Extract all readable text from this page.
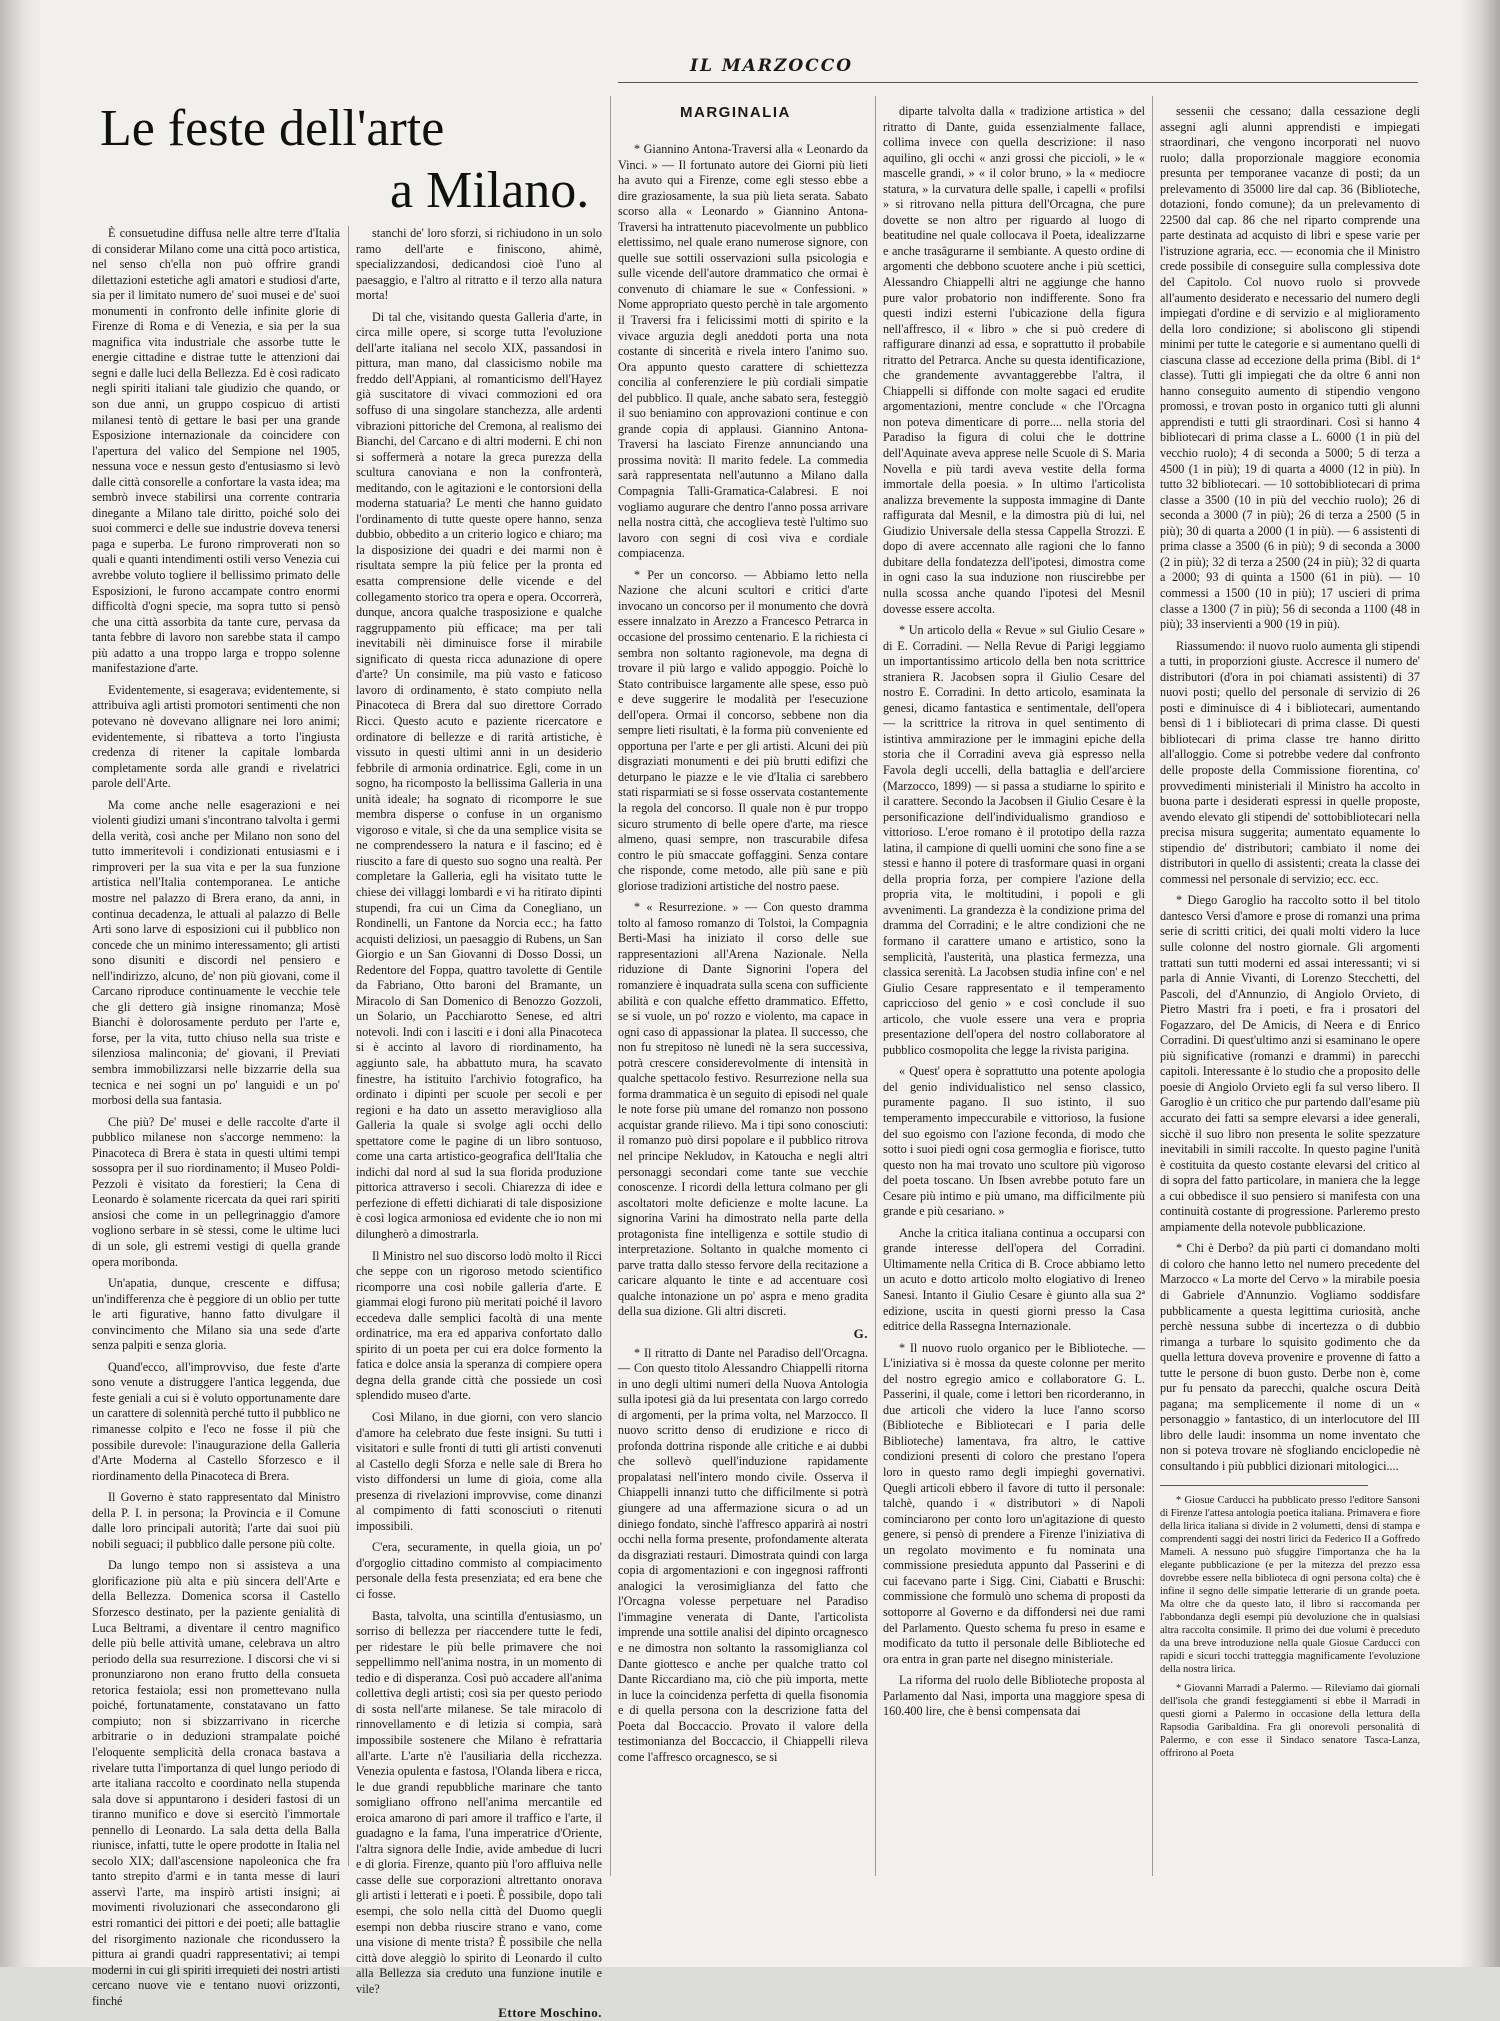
IL MARZOCCO
Le feste dell'arte
a Milano.

È consuetudine diffusa nelle altre terre d'Italia di considerar Milano come una città poco artistica, nel senso ch'ella non può offrire grandi dilettazioni estetiche agli amatori e studiosi d'arte, sia per il limitato numero de' suoi musei e de' suoi monumenti in confronto delle infinite glorie di Firenze di Roma e di Venezia, e sia per la sua magnifica vita industriale che assorbe tutte le energie cittadine e distrae tutte le attenzioni dai segni e dalle luci della Bellezza. Ed è così radicato negli spiriti italiani tale giudizio che quando, or son due anni, un gruppo cospicuo di artisti milanesi tentò di gettare le basi per una grande Esposizione internazionale da coincidere con l'apertura del valico del Sempione nel 1905, nessuna voce e nessun gesto d'entusiasmo si levò dalle città consorelle a confortare la vasta idea; ma sembrò invece stabilirsi una corrente contraria dinegante a Milano tale diritto, poiché solo dei suoi commerci e delle sue industrie doveva tenersi paga e superba. Le furono rimproverati non so quali e quanti intendimenti ostili verso Venezia cui avrebbe voluto togliere il bellissimo primato delle Esposizioni, le furono accampate contro enormi difficoltà d'ogni specie, ma sopra tutto si pensò che una città assorbita da tante cure, pervasa da tanta febbre di lavoro non sarebbe stata il campo più adatto a una troppo larga e troppo solenne manifestazione d'arte.

Evidentemente, si esagerava; evidentemente, si attribuiva agli artisti promotori sentimenti che non potevano nè dovevano allignare nei loro animi; evidentemente, si ribatteva a torto l'ingiusta credenza di ritener la capitale lombarda completamente sorda alle grandi e rivelatrici parole dell'Arte.

Ma come anche nelle esagerazioni e nei violenti giudizi umani s'incontrano talvolta i germi della verità, così anche per Milano non sono del tutto immeritevoli i condizionati entusiasmi e i rimproveri per la sua vita e per la sua funzione artistica nell'Italia contemporanea. Le antiche mostre nel palazzo di Brera erano, da anni, in continua decadenza, le attuali al palazzo di Belle Arti sono larve di esposizioni cui il pubblico non concede che un minimo interessamento; gli artisti sono disuniti e discordi nel pensiero e nell'indirizzo, alcuno, de' non più giovani, come il Carcano riproduce continuamente le vecchie tele che gli dettero già insigne rinomanza; Mosè Bianchi è dolorosamente perduto per l'arte e, forse, per la vita, tutto chiuso nella sua triste e silenziosa malinconia; de' giovani, il Previati sembra immobilizzarsi nelle bizzarrie della sua tecnica e nei sogni un po' languidi e un po' morbosi della sua fantasia.

Che più? De' musei e delle raccolte d'arte il pubblico milanese non s'accorge nemmeno: la Pinacoteca di Brera è stata in questi ultimi tempi sossopra per il suo riordinamento; il Museo Poldi-Pezzoli è visitato da forestieri; la Cena di Leonardo è solamente ricercata da quei rari spiriti ansiosi che come in un pellegrinaggio d'amore vogliono serbare in sè stessi, come le ultime luci di un sole, gli estremi vestigi di quella grande opera moribonda.

Un'apatia, dunque, crescente e diffusa; un'indifferenza che è peggiore di un oblio per tutte le arti figurative, hanno fatto divulgare il convincimento che Milano sia una sede d'arte senza palpiti e senza gloria.

Quand'ecco, all'improvviso, due feste d'arte sono venute a distruggere l'antica leggenda, due feste geniali a cui si è voluto opportunamente dare un carattere di solennità perché tutto il pubblico ne rimanesse colpito e l'eco ne fosse il più che possibile durevole: l'inaugurazione della Galleria d'Arte Moderna al Castello Sforzesco e il riordinamento della Pinacoteca di Brera.

Il Governo è stato rappresentato dal Ministro della P. I. in persona; la Provincia e il Comune dalle loro principali autorità; l'arte dai suoi più nobili seguaci; il pubblico dalle persone più colte.

Da lungo tempo non si assisteva a una glorificazione più alta e più sincera dell'Arte e della Bellezza. Domenica scorsa il Castello Sforzesco destinato, per la paziente genialità di Luca Beltrami, a diventare il centro magnifico delle più belle attività umane, celebrava un altro periodo della sua resurrezione. I discorsi che vi si pronunziarono non erano frutto della consueta retorica festaiola; essi non promettevano nulla poiché, fortunatamente, constatavano un fatto compiuto; non si sbizzarrivano in ricerche arbitrarie o in deduzioni strampalate poiché l'eloquente semplicità della cronaca bastava a rivelare tutta l'importanza di quel lungo periodo di arte italiana raccolto e coordinato nella stupenda sala dove si appuntarono i desideri fastosi di un tiranno munifico e dove si esercitò l'immortale pennello di Leonardo. La sala detta della Balla riunisce, infatti, tutte le opere prodotte in Italia nel secolo XIX; dall'ascensione napoleonica che fra tanto strepito d'armi e in tanta messe di lauri asservì l'arte, ma inspirò artisti insigni; ai movimenti rivoluzionari che assecondarono gli estri romantici dei pittori e dei poeti; alle battaglie del risorgimento nazionale che ricondussero la pittura ai grandi quadri rappresentativi; ai tempi moderni in cui gli spiriti irrequieti dei nostri artisti cercano nuove vie e tentano nuovi orizzonti, finché

stanchi de' loro sforzi, si richiudono in un solo ramo dell'arte e finiscono, ahimè, specializzandosi, dedicandosi cioè l'uno al paesaggio, e l'altro al ritratto e il terzo alla natura morta!

Di tal che, visitando questa Galleria d'arte, in circa mille opere, si scorge tutta l'evoluzione dell'arte italiana nel secolo XIX, passandosi in pittura, man mano, dal classicismo nobile ma freddo dell'Appiani, al romanticismo dell'Hayez già suscitatore di vivaci commozioni ed ora soffuso di una singolare stanchezza, alle ardenti vibrazioni pittoriche del Cremona, al realismo dei Bianchi, del Carcano e di altri moderni. E chi non si soffermerà a notare la greca purezza della scultura canoviana e non la confronterà, meditando, con le agitazioni e le contorsioni della moderna statuaria? Le menti che hanno guidato l'ordinamento di tutte queste opere hanno, senza dubbio, obbedito a un criterio logico e chiaro; ma la disposizione dei quadri e dei marmi non è risultata sempre la più felice per la pronta ed esatta comprensione delle vicende e del collegamento storico tra opera e opera. Occorrerà, dunque, ancora qualche trasposizione e qualche raggruppamento più efficace; ma per tali inevitabili nèi diminuisce forse il mirabile significato di questa ricca adunazione di opere d'arte? Un consimile, ma più vasto e faticoso lavoro di ordinamento, è stato compiuto nella Pinacoteca di Brera dal suo direttore Corrado Ricci. Questo acuto e paziente ricercatore e ordinatore di bellezze e di rarità artistiche, è vissuto in questi ultimi anni in un desiderio febbrile di armonia ordinatrice. Egli, come in un sogno, ha ricomposto la bellissima Galleria in una unità ideale; ha sognato di ricomporre le sue membra disperse o confuse in un organismo vigoroso e vitale, sì che da una semplice visita se ne comprendessero la natura e il fascino; ed è riuscito a fare di questo suo sogno una realtà. Per completare la Galleria, egli ha visitato tutte le chiese dei villaggi lombardi e vi ha ritirato dipinti stupendi, fra cui un Cima da Conegliano, un Rondinelli, un Fantone da Norcia ecc.; ha fatto acquisti deliziosi, un paesaggio di Rubens, un San Giorgio e un San Giovanni di Dosso Dossi, un Redentore del Foppa, quattro tavolette di Gentile da Fabriano, Otto baroni del Bramante, un Miracolo di San Domenico di Benozzo Gozzoli, un Solario, un Pacchiarotto Senese, ed altri notevoli. Indi con i lasciti e i doni alla Pinacoteca si è accinto al lavoro di riordinamento, ha aggiunto sale, ha abbattuto mura, ha scavato finestre, ha istituito l'archivio fotografico, ha ordinato i dipinti per scuole per secoli e per regioni e ha dato un assetto meraviglioso alla Galleria la quale si svolge agli occhi dello spettatore come le pagine di un libro sontuoso, come una carta artistico-geografica dell'Italia che indichi dal nord al sud la sua florida produzione pittorica attraverso i secoli. Chiarezza di idee e perfezione di effetti dichiarati di tale disposizione è così logica armoniosa ed evidente che io non mi dilungherò a dimostrarla.

Il Ministro nel suo discorso lodò molto il Ricci che seppe con un rigoroso metodo scientifico ricomporre una così nobile galleria d'arte. E giammai elogi furono più meritati poiché il lavoro eccedeva dalle semplici facoltà di una mente ordinatrice, ma era ed appariva confortato dallo spirito di un poeta per cui era dolce formento la fatica e dolce ansia la speranza di compiere opera degna della grande città che possiede un così splendido museo d'arte.

Così Milano, in due giorni, con vero slancio d'amore ha celebrato due feste insigni. Su tutti i visitatori e sulle fronti di tutti gli artisti convenuti al Castello degli Sforza e nelle sale di Brera ho visto diffondersi un lume di gioia, come alla presenza di rivelazioni improvvise, come dinanzi al compimento di fatti sconosciuti o ritenuti impossibili.

C'era, securamente, in quella gioia, un po' d'orgoglio cittadino commisto al compiacimento personale della festa presenziata; ed era bene che ci fosse.

Basta, talvolta, una scintilla d'entusiasmo, un sorriso di bellezza per riaccendere tutte le fedi, per ridestare le più belle primavere che noi seppellimmo nell'anima nostra, in un momento di tedio e di disperanza. Così può accadere all'anima collettiva degli artisti; così sia per questo periodo di sosta nell'arte milanese. Se tale miracolo di rinnovellamento e di letizia si compia, sarà impossibile sostenere che Milano è refrattaria all'arte. L'arte n'è l'ausiliaria della ricchezza. Venezia opulenta e fastosa, l'Olanda libera e ricca, le due grandi repubbliche marinare che tanto somigliano offrono nell'anima mercantile ed eroica amarono di pari amore il traffico e l'arte, il guadagno e la fama, l'una imperatrice d'Oriente, l'altra signora delle Indie, avide ambedue di lucri e di gloria. Firenze, quanto più l'oro affluiva nelle casse delle sue corporazioni altrettanto onorava gli artisti i letterati e i poeti. È possibile, dopo tali esempi, che solo nella città del Duomo quegli esempi non debba riuscire strano e vano, come una visione di mente trista? È possibile che nella città dove aleggiò lo spirito di Leonardo il culto alla Bellezza sia creduto una funzione inutile e vile?

Ettore Moschino.
MARGINALIA

* Giannino Antona-Traversi alla « Leonardo da Vinci. » — Il fortunato autore dei Giorni più lieti ha avuto qui a Firenze, come egli stesso ebbe a dire graziosamente, la sua più lieta serata. Sabato scorso alla « Leonardo » Giannino Antona-Traversi ha intrattenuto piacevolmente un pubblico elettissimo, nel quale erano numerose signore, con quelle sue sottili osservazioni sulla psicologia e sulle vicende dell'autore drammatico che ormai è convenuto di chiamare le sue « Confessioni. » Nome appropriato questo perchè in tale argomento il Traversi fra i felicissimi motti di spirito e la vivace arguzia degli aneddoti porta una nota costante di sincerità e rivela intero l'animo suo. Ora appunto questo carattere di schiettezza concilia al conferenziere le più cordiali simpatie del pubblico. Il quale, anche sabato sera, festeggiò il suo beniamino con approvazioni continue e con grande copia di applausi. Giannino Antona-Traversi ha lasciato Firenze annunciando una prossima novità: Il marito fedele. La commedia sarà rappresentata nell'autunno a Milano dalla Compagnia Talli-Gramatica-Calabresi. E noi vogliamo augurare che dentro l'anno possa arrivare nella nostra città, che accoglieva testè l'ultimo suo lavoro con segni di così viva e cordiale compiacenza.

* Per un concorso. — Abbiamo letto nella Nazione che alcuni scultori e critici d'arte invocano un concorso per il monumento che dovrà essere innalzato in Arezzo a Francesco Petrarca in occasione del prossimo centenario. E la richiesta ci sembra non soltanto ragionevole, ma degna di trovare il più largo e valido appoggio. Poichè lo Stato contribuisce largamente alle spese, esso può e deve suggerire le modalità per l'esecuzione dell'opera. Ormai il concorso, sebbene non dia sempre lieti risultati, è la forma più conveniente ed opportuna per l'arte e per gli artisti. Alcuni dei più disgraziati monumenti e dei più brutti edifizi che deturpano le piazze e le vie d'Italia ci sarebbero stati risparmiati se si fosse osservata costantemente la regola del concorso. Il quale non è pur troppo sicuro strumento di belle opere d'arte, ma riesce almeno, quasi sempre, non trascurabile difesa contro le più smaccate goffaggini. Senza contare che risponde, come metodo, alle più sane e più gloriose tradizioni artistiche del nostro paese.

* « Resurrezione. » — Con questo dramma tolto al famoso romanzo di Tolstoi, la Compagnia Berti-Masi ha iniziato il corso delle sue rappresentazioni all'Arena Nazionale. Nella riduzione di Dante Signorini l'opera del romanziere è inquadrata sulla scena con sufficiente abilità e con qualche effetto drammatico. Effetto, se si vuole, un po' rozzo e violento, ma capace in ogni caso di appassionar la platea. Il successo, che non fu strepitoso nè lunedì nè la sera successiva, potrà crescere considerevolmente di intensità in qualche spettacolo festivo. Resurrezione nella sua forma drammatica è un seguito di episodi nel quale le note forse più umane del romanzo non possono acquistar grande rilievo. Ma i tipi sono conosciuti: il romanzo può dirsi popolare e il pubblico ritrova nel principe Nekludov, in Katoucha e negli altri personaggi secondari come tante sue vecchie conoscenze. I ricordi della lettura colmano per gli ascoltatori molte deficienze e molte lacune. La signorina Varini ha dimostrato nella parte della protagonista fine intelligenza e sottile studio di interpretazione. Soltanto in qualche momento ci parve tratta dallo stesso fervore della recitazione a caricare alquanto le tinte e ad accentuare così qualche intonazione un po' aspra e meno gradita della sua dizione. Gli altri discreti.

G.

* Il ritratto di Dante nel Paradiso dell'Orcagna. — Con questo titolo Alessandro Chiappelli ritorna in uno degli ultimi numeri della Nuova Antologia sulla ipotesi già da lui presentata con largo corredo di argomenti, per la prima volta, nel Marzocco. Il nuovo scritto denso di erudizione e ricco di profonda dottrina risponde alle critiche e ai dubbi che sollevò quell'induzione rapidamente propalatasi nell'intero mondo civile. Osserva il Chiappelli innanzi tutto che difficilmente si potrà giungere ad una affermazione sicura o ad un diniego fondato, sinchè l'affresco apparirà ai nostri occhi nella forma presente, profondamente alterata da disgraziati restauri. Dimostrata quindi con larga copia di argomentazioni e con ingegnosi raffronti analogici la verosimiglianza del fatto che l'Orcagna volesse perpetuare nel Paradiso l'immagine venerata di Dante, l'articolista imprende una sottile analisi del dipinto orcagnesco e ne dimostra non soltanto la rassomiglianza col Dante giottesco e anche per qualche tratto col Dante Riccardiano ma, ciò che più importa, mette in luce la coincidenza perfetta di quella fisonomia e di quella persona con la descrizione fatta del Poeta dal Boccaccio. Provato il valore della testimonianza del Boccaccio, il Chiappelli rileva come l'affresco orcagnesco, se si

diparte talvolta dalla « tradizione artistica » del ritratto di Dante, guida essenzialmente fallace, collima invece con quella descrizione: il naso aquilino, gli occhi « anzi grossi che piccioli, » le « mascelle grandi, » « il color bruno, » la « mediocre statura, » la curvatura delle spalle, i capelli « profilsi » si ritrovano nella pittura dell'Orcagna, che pure dovette se non altro per riguardo al luogo di beatitudine nel quale collocava il Poeta, idealizzarne e anche trasâgurarne il sembiante. A questo ordine di argomenti che debbono scuotere anche i più scettici, Alessandro Chiappelli altri ne aggiunge che hanno pure valor probatorio non indifferente. Sono fra questi indizi esterni l'ubicazione della figura nell'affresco, il « libro » che si può credere di raffigurare dinanzi ad essa, e soprattutto il probabile ritratto del Petrarca. Anche su questa identificazione, che grandemente avvantaggerebbe l'altra, il Chiappelli si diffonde con molte sagaci ed erudite argomentazioni, mentre conclude « che l'Orcagna non poteva dimenticare di porre.... nella storia del Paradiso la figura di colui che le dottrine dell'Aquinate aveva apprese nelle Scuole di S. Maria Novella e più tardi aveva vestite della forma immortale della poesia. » In ultimo l'articolista analizza brevemente la supposta immagine di Dante raffigurata dal Mesnil, e la dimostra più di lui, nel Giudizio Universale della stessa Cappella Strozzi. E dopo di avere accennato alle ragioni che lo fanno dubitare della fondatezza dell'ipotesi, dimostra come in ogni caso la sua induzione non riuscirebbe per nulla scossa anche quando l'ipotesi del Mesnil dovesse essere accolta.

* Un articolo della « Revue » sul Giulio Cesare » di E. Corradini. — Nella Revue di Parigi leggiamo un importantissimo articolo della ben nota scrittrice straniera R. Jacobsen sopra il Giulio Cesare del nostro E. Corradini. In detto articolo, esaminata la genesi, dicamo fantastica e sentimentale, dell'opera — la scrittrice la ritrova in quel sentimento di istintiva ammirazione per le immagini epiche della storia che il Corradini aveva già espresso nella Favola degli uccelli, della battaglia e dell'arciere (Marzocco, 1899) — si passa a studiarne lo spirito e il carattere. Secondo la Jacobsen il Giulio Cesare è la personificazione dell'individualismo grandioso e vittorioso. L'eroe romano è il prototipo della razza latina, il campione di quelli uomini che sono fine a se stessi e hanno il potere di trasformare quasi in organi della propria forza, per compiere l'azione della propria vita, le moltitudini, i popoli e gli avvenimenti. La grandezza è la condizione prima del dramma del Corradini; e le altre condizioni che ne formano il carattere umano e artistico, sono la semplicità, l'austerità, una plastica fermezza, una classica serenità. La Jacobsen studia infine con' e nel Giulio Cesare rappresentato e il temperamento capriccioso del genio » e così conclude il suo articolo, che vuole essere una vera e propria presentazione dell'opera del nostro collaboratore al pubblico cosmopolita che legge la rivista parigina.

« Quest' opera è soprattutto una potente apologia del genio individualistico nel senso classico, puramente pagano. Il suo istinto, il suo temperamento impeccurabile e vittorioso, la fusione del suo egoismo con l'azione feconda, di modo che sotto i suoi piedi ogni cosa germoglia e fiorisce, tutto questo non ha mai trovato uno scultore più vigoroso del poeta toscano. Un Ibsen avrebbe potuto fare un Cesare più intimo e più umano, ma difficilmente più grande e più cesariano. »

Anche la critica italiana continua a occuparsi con grande interesse dell'opera del Corradini. Ultimamente nella Critica di B. Croce abbiamo letto un acuto e dotto articolo molto elogiativo di Ireneo Sanesi. Intanto il Giulio Cesare è giunto alla sua 2ª edizione, uscita in questi giorni presso la Casa editrice della Rassegna Internazionale.

* Il nuovo ruolo organico per le Biblioteche. — L'iniziativa si è mossa da queste colonne per merito del nostro egregio amico e collaboratore G. L. Passerini, il quale, come i lettori ben ricorderanno, in due articoli che videro la luce l'anno scorso (Biblioteche e Bibliotecari e I paria delle Biblioteche) lamentava, fra altro, le cattive condizioni presenti di coloro che prestano l'opera loro in questo ramo degli impieghi governativi. Quegli articoli ebbero il favore di tutto il personale: talchè, quando i « distributori » di Napoli cominciarono per conto loro un'agitazione di questo genere, si pensò di prendere a Firenze l'iniziativa di un regolato movimento e fu nominata una commissione presieduta appunto dal Passerini e di cui facevano parte i Sigg. Cini, Ciabatti e Bruschi: commissione che formulò uno schema di proposti da sottoporre al Governo e da diffondersi nei due rami del Parlamento. Questo schema fu preso in esame e modificato da tutto il personale delle Biblioteche ed ora entra in gran parte nel disegno ministeriale.

La riforma del ruolo delle Biblioteche proposta al Parlamento dal Nasi, importa una maggiore spesa di 160.400 lire, che è bensì compensata dai

sessenii che cessano; dalla cessazione degli assegni agli alunni apprendisti e impiegati straordinari, che vengono incorporati nel nuovo ruolo; dalla proporzionale maggiore economia presunta per temporanee vacanze di posti; da un prelevamento di 35000 lire dal cap. 36 (Biblioteche, dotazioni, fondo comune); da un prelevamento di 22500 dal cap. 86 che nel riparto comprende una parte destinata ad acquisto di libri e spese varie per l'istruzione agraria, ecc. — economia che il Ministro crede possibile di conseguire sulla complessiva dote del Capitolo. Col nuovo ruolo si provvede all'aumento desiderato e necessario del numero degli impiegati d'ordine e di servizio e al miglioramento della loro condizione; si aboliscono gli stipendi minimi per tutte le categorie e si aumentano quelli di ciascuna classe ad eccezione della prima (Bibl. di 1ª classe). Tutti gli impiegati che da oltre 6 anni non hanno conseguito aumento di stipendio vengono promossi, e trovan posto in organico tutti gli alunni apprendisti e tutti gli straordinari. Così si hanno 4 bibliotecari di prima classe a L. 6000 (1 in più del vecchio ruolo); 4 di seconda a 5000; 5 di terza a 4500 (1 in più); 19 di quarta a 4000 (12 in più). In tutto 32 bibliotecari. — 10 sottobibliotecari di prima classe a 3500 (10 in più del vecchio ruolo); 26 di seconda a 3000 (7 in più); 26 di terza a 2500 (5 in più); 30 di quarta a 2000 (1 in più). — 6 assistenti di prima classe a 3500 (6 in più); 9 di seconda a 3000 (2 in più); 32 di terza a 2500 (24 in più); 32 di quarta a 2000; 93 di quinta a 1500 (61 in più). — 10 commessi a 1500 (10 in più); 17 uscieri di prima classe a 1300 (7 in più); 56 di seconda a 1100 (48 in più); 33 inservienti a 900 (19 in più).

Riassumendo: il nuovo ruolo aumenta gli stipendi a tutti, in proporzioni giuste. Accresce il numero de' distributori (d'ora in poi chiamati assistenti) di 37 nuovi posti; quello del personale di servizio di 26 posti e diminuisce di 4 i bibliotecari, aumentando bensì di 1 i bibliotecari di prima classe. Di questi bibliotecari di prima classe tre hanno diritto all'alloggio. Come si potrebbe vedere dal confronto delle proposte della Commissione fiorentina, co' provvedimenti ministeriali il Ministro ha accolto in buona parte i desiderati espressi in quelle proposte, avendo elevato gli stipendi de' sottobibliotecari nella precisa misura suggerita; aumentato equamente lo stipendio de' distributori; cambiato il nome dei distributori in quello di assistenti; creata la classe dei commessi nel personale di servizio; ecc. ecc.

* Diego Garoglio ha raccolto sotto il bel titolo dantesco Versi d'amore e prose di romanzi una prima serie di scritti critici, dei quali molti videro la luce sulle colonne del nostro giornale. Gli argomenti trattati sun tutti moderni ed assai interessanti; vi si parla di Annie Vivanti, di Lorenzo Stecchetti, del Pascoli, del d'Annunzio, di Angiolo Orvieto, di Pietro Mastri fra i poeti, e fra i prosatori del Fogazzaro, del De Amicis, di Neera e di Enrico Corradini. Di quest'ultimo anzi si esaminano le opere più significative (romanzi e drammi) in parecchi capitoli. Interessante è lo studio che a proposito delle poesie di Angiolo Orvieto egli fa sul verso libero. Il Garoglio è un critico che pur partendo dall'esame più accurato dei fatti sa sempre elevarsi a idee generali, sicchè il suo libro non presenta le solite spezzature inevitabili in simili raccolte. In questo pagine l'unità è costituita da questo costante elevarsi del critico al di sopra del fatto particolare, in maniera che la legge a cui obbedisce il suo pensiero si manifesta con una continuità costante di progressione. Parleremo presto ampiamente della notevole pubblicazione.

* Chi è Derbo? da più parti ci domandano molti di coloro che hanno letto nel numero precedente del Marzocco « La morte del Cervo » la mirabile poesia di Gabriele d'Annunzio. Vogliamo soddisfare pubblicamente a questa legittima curiosità, anche perchè nessuna subbe di incertezza o di dubbio rimanga a turbare lo squisito godimento che da quella lettura doveva provenire e provenne di fatto a tutte le persone di buon gusto. Derbe non è, come pur fu pensato da parecchi, qualche oscura Deità pagana; ma semplicemente il nome di un « personaggio » fantastico, di un interlocutore del III libro delle laudi: insomma un nome inventato che non si poteva trovare nè sfogliando enciclopedie nè consultando i più pubblici dizionari mitologici....

* Giosue Carducci ha pubblicato presso l'editore Sansoni di Firenze l'attesa antologia poetica italiana. Primavera e fiore della lirica italiana si divide in 2 volumetti, densi di stampa e comprendenti saggi dei nostri lirici da Federico II a Goffredo Mameli. A nessuno può sfuggire l'importanza che ha la elegante pubblicazione (e per la mitezza del prezzo essa dovrebbe essere nella biblioteca di ogni persona colta) che è infine il segno delle simpatie letterarie di un grande poeta. Ma oltre che da questo lato, il libro si raccomanda per l'abbondanza degli esempi più devoluzione che in qualsiasi altra raccolta consimile. Il primo dei due volumi è preceduto da una breve introduzione nella quale Giosue Carducci con rapidi e sicuri tocchi tratteggia magnificamente l'evoluzione della nostra lirica.

* Giovanni Marradi a Palermo. — Rileviamo dai giornali dell'isola che grandi festeggiamenti si ebbe il Marradi in questi giorni a Palermo in occasione della lettura della Rapsodia Garibaldina. Fra gli onorevoli personalità di Palermo, e con esse il Sindaco senatore Tasca-Lanza, offrirono al Poeta
